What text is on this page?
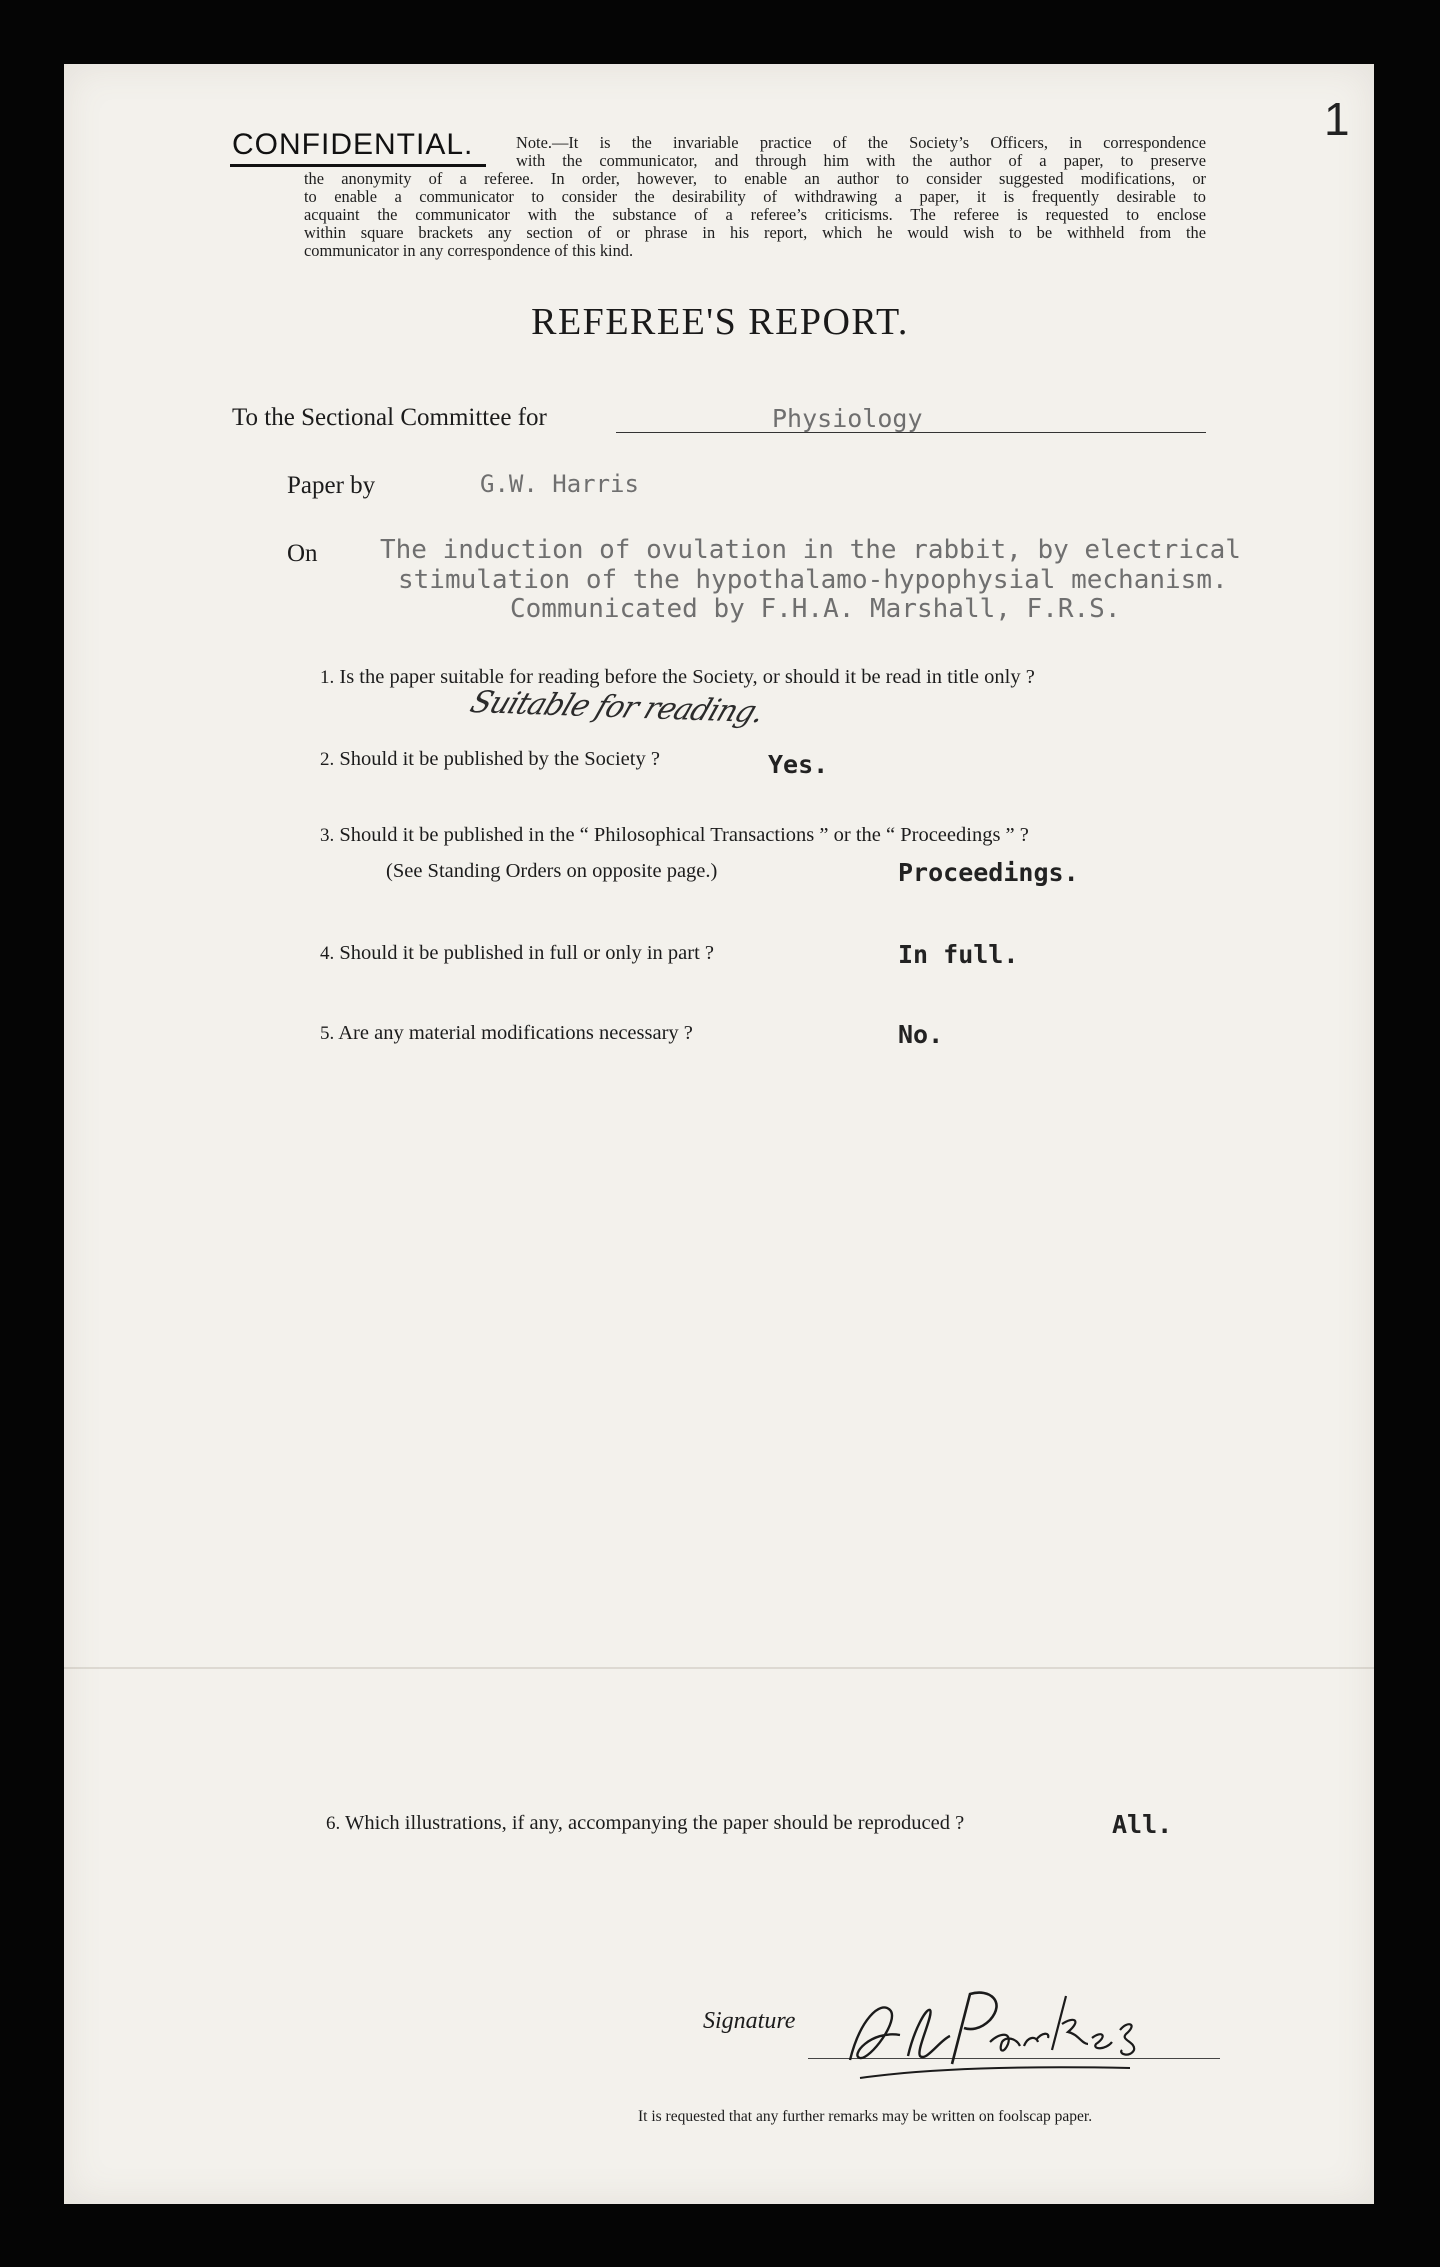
1
CONFIDENTIAL.	Note.—It is the invariable practice of the Society’s Officers, in correspondence
with the communicator, and through him with the author of a paper, to preserve
the anonymity of a referee. In order, however, to enable an author to consider suggested modifications, or
to enable a communicator to consider the desirability of withdrawing a paper, it is frequently desirable to
acquaint the communicator with the substance of a referee’s criticisms. The referee is requested to enclose
within square brackets any section of or phrase in his report, which he would wish to be withheld from the
communicator in any correspondence of this kind.
REFEREE'S REPORT.
To the Sectional Committee for	Physiology
Paper by	G.W. Harris
On The induction of ovulation in the rabbit, by electrical
stimulation of the hypothalamo-hypophysial mechanism.
Communicated by F.H.A. Marshall, F.R.S.
1. Is the paper suitable for reading before the Society, or should it be read in title only ?
Suitable for reading.
2. Should it be published by the Society ?	Yes.
3. Should it be published in the “ Philosophical Transactions ” or the “ Proceedings ” ?
(See Standing Orders on opposite page.)	Proceedings.
4. Should it be published in full or only in part ?	In full.
5. Are any material modifications necessary ?	No.
6. Which illustrations, if any, accompanying the paper should be reproduced ?	All.
Signature
It is requested that any further remarks may be written on foolscap paper.
